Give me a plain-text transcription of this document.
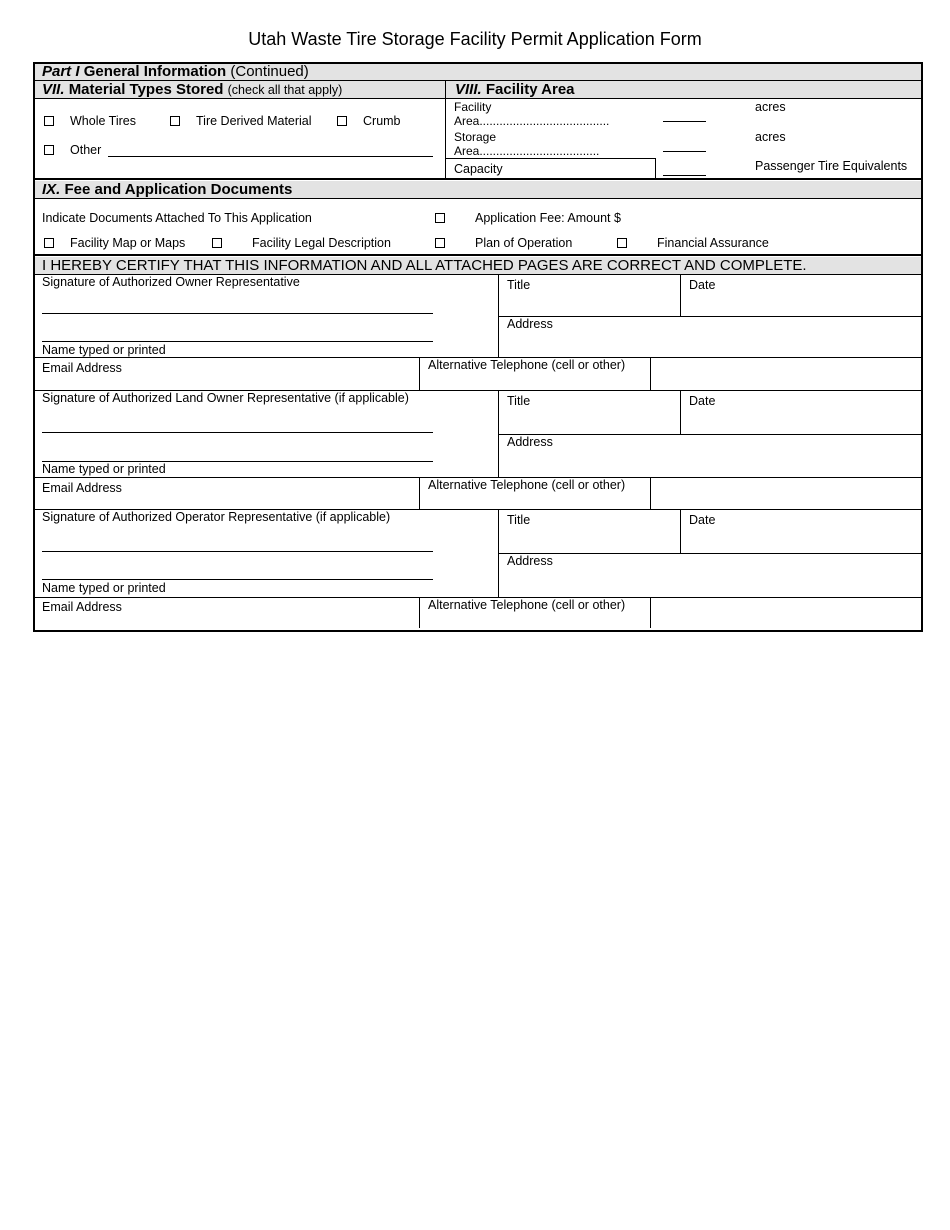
Utah Waste Tire Storage Facility Permit Application Form
Part I General Information (Continued)
VII. Material Types Stored (check all that apply)	VIII. Facility Area
Whole Tires	Tire Derived Material	Crumb
Other
Facility
Area.......................................
acres
Storage
Area....................................
acres
Capacity	Passenger Tire Equivalents
IX. Fee and Application Documents
Indicate Documents Attached To This Application	Application Fee: Amount $
Facility Map or Maps	Facility Legal Description	Plan of Operation	Financial Assurance
I HEREBY CERTIFY THAT THIS INFORMATION AND ALL ATTACHED PAGES ARE CORRECT AND COMPLETE.
Signature of Authorized Owner Representative
Name typed or printed
Title	Date
Address
Email Address	Alternative Telephone (cell or other)
Signature of Authorized Land Owner Representative (if applicable)
Name typed or printed
Title	Date
Address
Email Address	Alternative Telephone (cell or other)
Signature of Authorized Operator Representative (if applicable)
Name typed or printed
Title	Date
Address
Email Address	Alternative Telephone (cell or other)
